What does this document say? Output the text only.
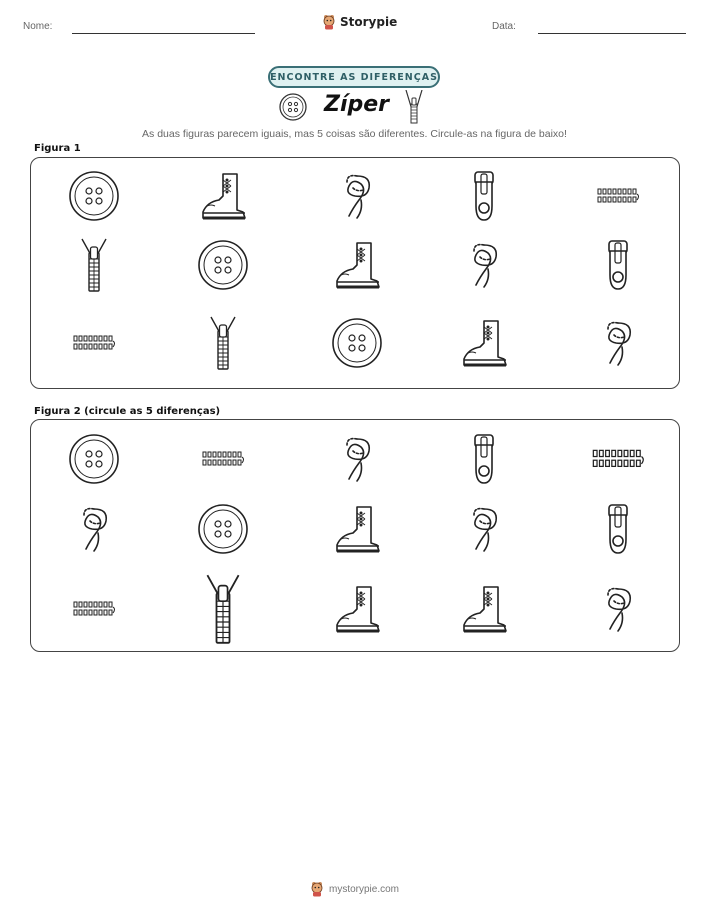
Nome:	Storypie	Data:
ENCONTRE AS DIFERENÇAS
Zíper
As duas figuras parecem iguais, mas 5 coisas são diferentes. Circule-as na figura de baixo!
Figura 1
Figura 2 (circule as 5 diferenças)
mystorypie.com
